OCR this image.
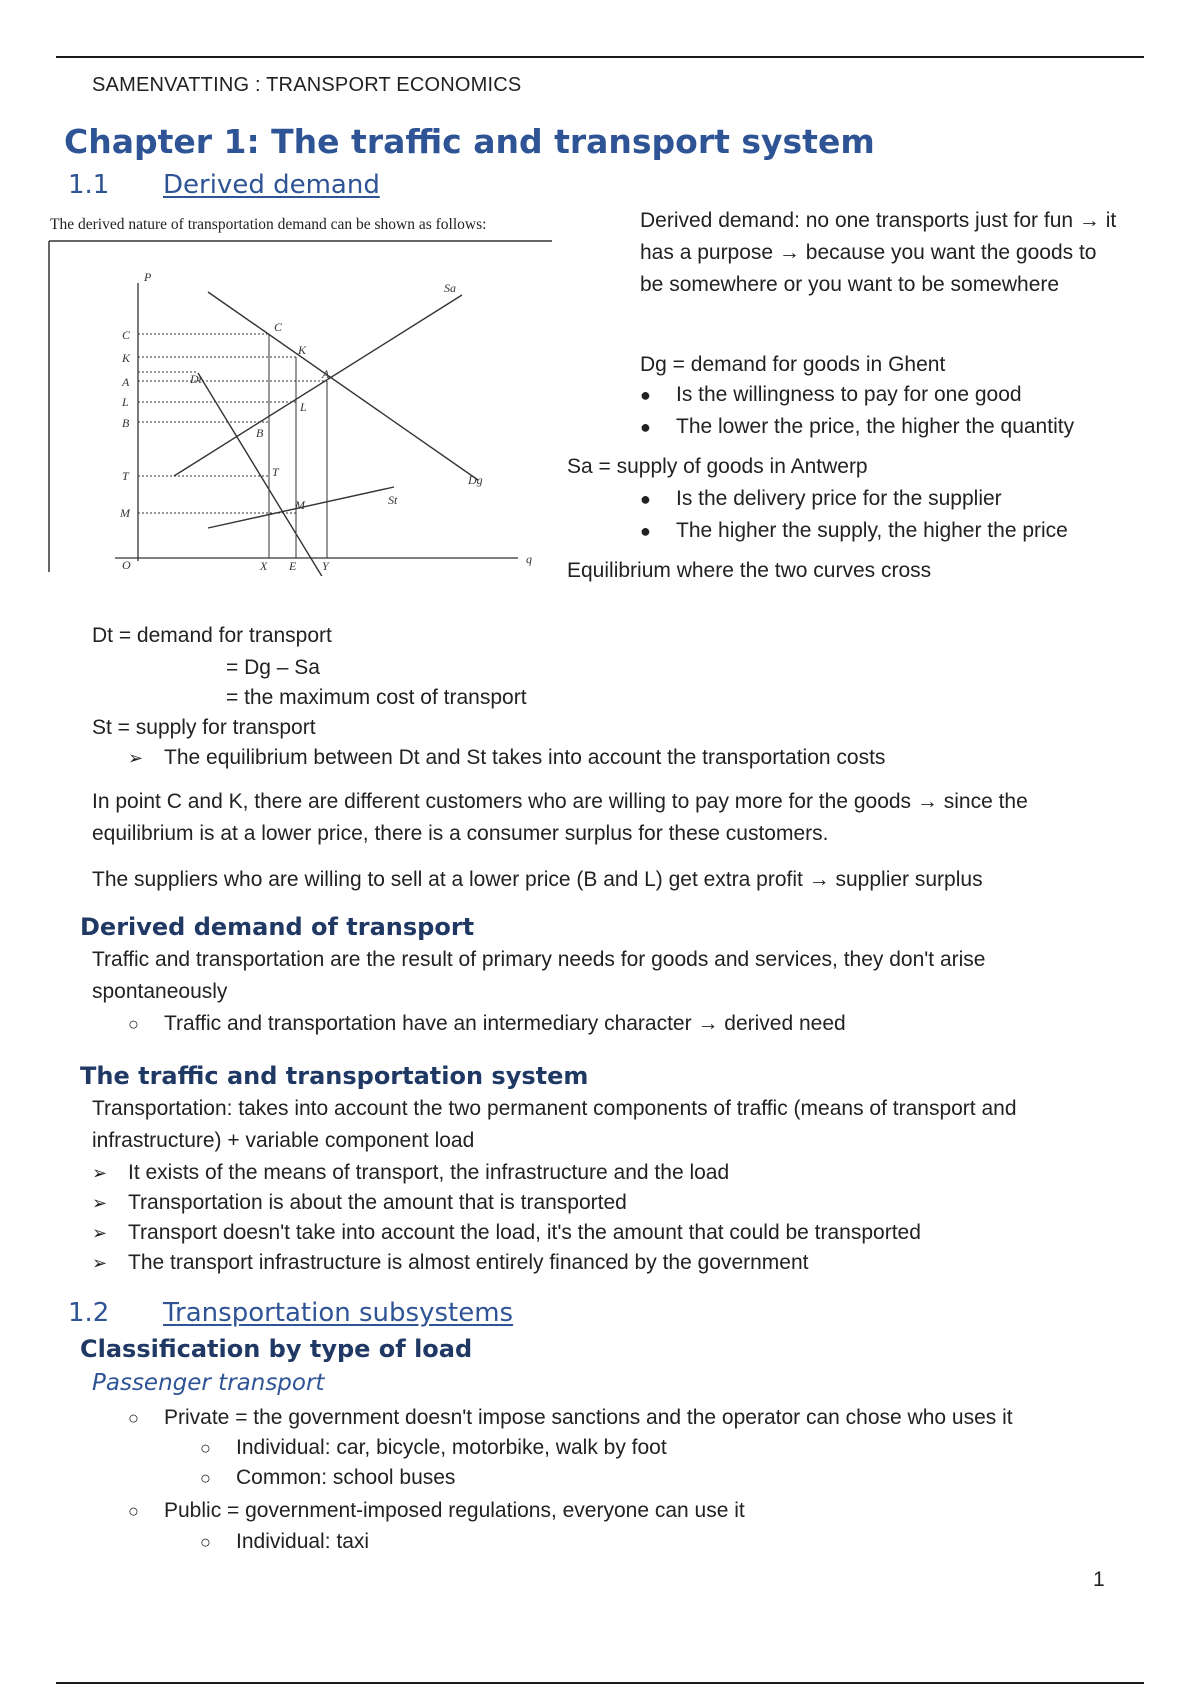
SAMENVATTING : TRANSPORT ECONOMICS
Chapter 1: The traffic and transport system
1.1 Derived demand
The derived nature of transportation demand can be shown as follows:
P
q
C
K
A
L
B
T
M
O	X E Y
Sa
Dg
St
Dt
C
K
A
L
B
T
M
Derived demand: no one transports just for fun → it has a purpose → because you want the goods to be somewhere or you want to be somewhere
Dg = demand for goods in Ghent
●	Is the willingness to pay for one good
●	The lower the price, the higher the quantity
Sa = supply of goods in Antwerp
●	Is the delivery price for the supplier
●	The higher the supply, the higher the price
Equilibrium where the two curves cross
Dt = demand for transport
= Dg – Sa
= the maximum cost of transport
St = supply for transport
➢ The equilibrium between Dt and St takes into account the transportation costs
In point C and K, there are different customers who are willing to pay more for the goods → since the equilibrium is at a lower price, there is a consumer surplus for these customers.
The suppliers who are willing to sell at a lower price (B and L) get extra profit → supplier surplus
Derived demand of transport
Traffic and transportation are the result of primary needs for goods and services, they don't arise spontaneously
○	Traffic and transportation have an intermediary character → derived need
The traffic and transportation system
Transportation: takes into account the two permanent components of traffic (means of transport and infrastructure) + variable component load
➢ It exists of the means of transport, the infrastructure and the load
➢ Transportation is about the amount that is transported
➢ Transport doesn't take into account the load, it's the amount that could be transported
➢ The transport infrastructure is almost entirely financed by the government
1.2 Transportation subsystems
Classification by type of load
Passenger transport
○	Private = the government doesn't impose sanctions and the operator can chose who uses it
○	Individual: car, bicycle, motorbike, walk by foot
○	Common: school buses
○	Public = government-imposed regulations, everyone can use it
○	Individual: taxi
1
